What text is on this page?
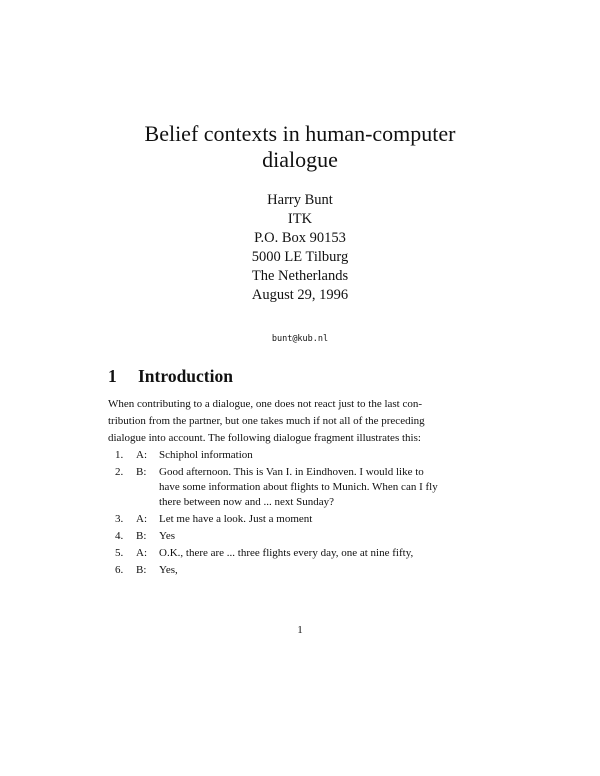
Belief contexts in human-computer
dialogue
Harry Bunt
ITK
P.O. Box 90153
5000 LE Tilburg
The Netherlands
August 29, 1996
bunt@kub.nl
1 Introduction
When contributing to a dialogue, one does not react just to the last con-
tribution from the partner, but one takes much if not all of the preceding
dialogue into account. The following dialogue fragment illustrates this:
1.	A: Schiphol information
2.	B: Good afternoon. This is Van I. in Eindhoven. I would like to
have some information about flights to Munich. When can I fly
there between now and ... next Sunday?
3.	A: Let me have a look. Just a moment
4.	B: Yes
5.	A: O.K., there are ... three flights every day, one at nine fifty,
6.	B: Yes,
1
